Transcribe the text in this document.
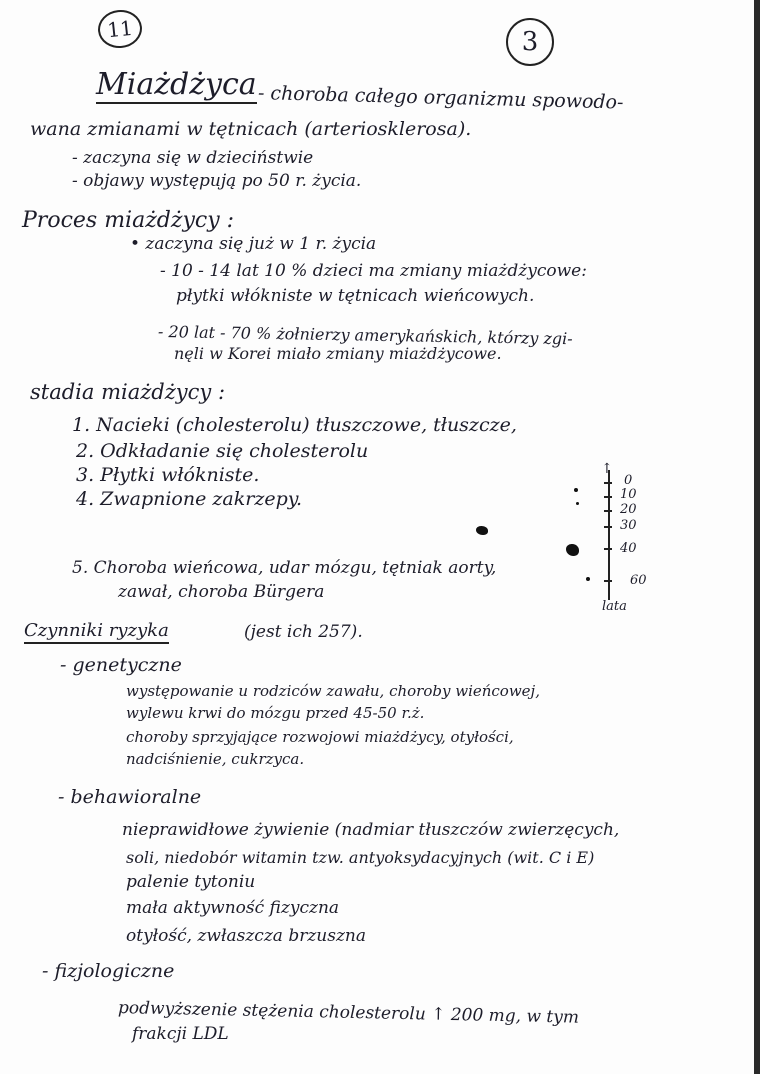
11	3
Miażdżyca - choroba całego organizmu spowodo-
wana zmianami w tętnicach (arteriosklerosa).
- zaczyna się w dzieciństwie
- objawy występują po 50 r. życia.
Proces miażdżycy :
• zaczyna się już w 1 r. życia
- 10 - 14 lat 10 % dzieci ma zmiany miażdżycowe:
płytki włókniste w tętnicach wieńcowych.
- 20 lat - 70 % żołnierzy amerykańskich, którzy zgi-
nęli w Korei miało zmiany miażdżycowe.
stadia miażdżycy :
1. Nacieki (cholesterolu) tłuszczowe, tłuszcze,
2. Odkładanie się cholesterolu
3. Płytki włókniste.
4. Zwapnione zakrzepy.
5. Choroba wieńcowa, udar mózgu, tętniak aorty,
zawał, choroba Bürgera
↑
0
10
20
30
40
60
lata
Czynniki ryzyka	(jest ich 257).
- genetyczne
występowanie u rodziców zawału, choroby wieńcowej,
wylewu krwi do mózgu przed 45-50 r.ż.
choroby sprzyjające rozwojowi miażdżycy, otyłości,
nadciśnienie, cukrzyca.
- behawioralne
nieprawidłowe żywienie (nadmiar tłuszczów zwierzęcych,
soli, niedobór witamin tzw. antyoksydacyjnych (wit. C i E)
palenie tytoniu
mała aktywność fizyczna
otyłość, zwłaszcza brzuszna
- fizjologiczne
podwyższenie stężenia cholesterolu ↑ 200 mg, w tym
frakcji LDL
